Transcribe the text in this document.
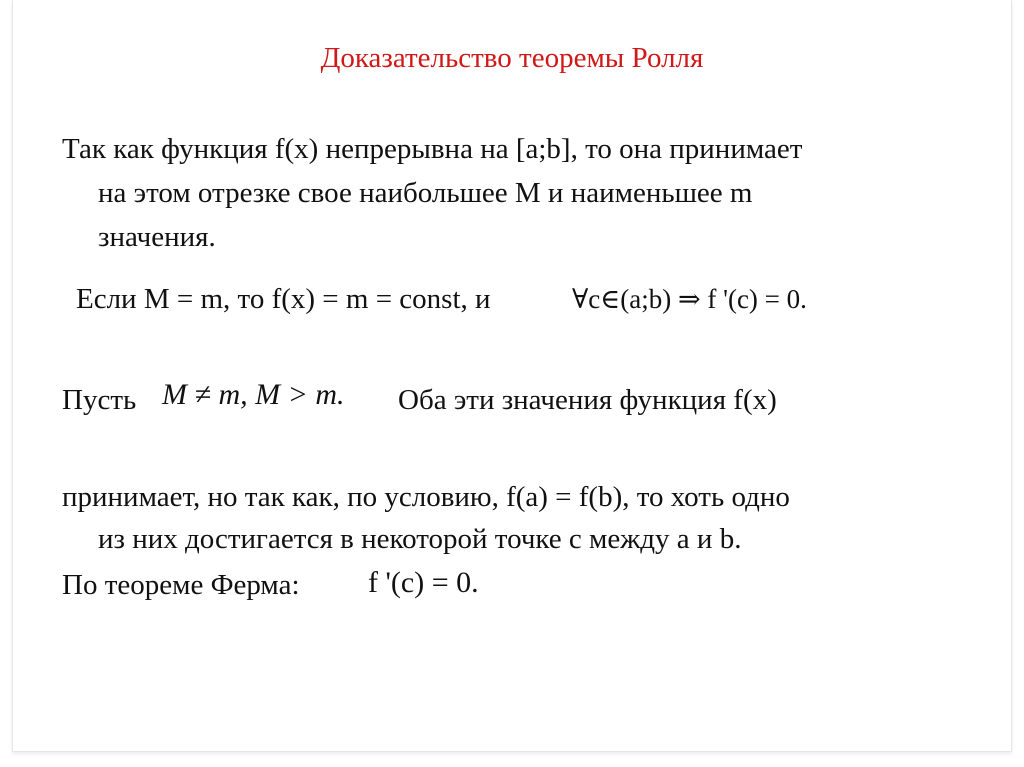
Доказательство теоремы Ролля
Так как функция f(x) непрерывна на [a;b], то она принимает
на этом отрезке свое наибольшее M и наименьшее m
значения.
Если M = m, то f(x) = m = const, и	∀c∈(a;b) ⇒ f '(c) = 0.
Пусть M ≠ m, M > m. Оба эти значения функция f(x)
принимает, но так как, по условию, f(a) = f(b), то хоть одно
из них достигается в некоторой точке с между a и b.
По теореме Ферма: f '(c) = 0.
